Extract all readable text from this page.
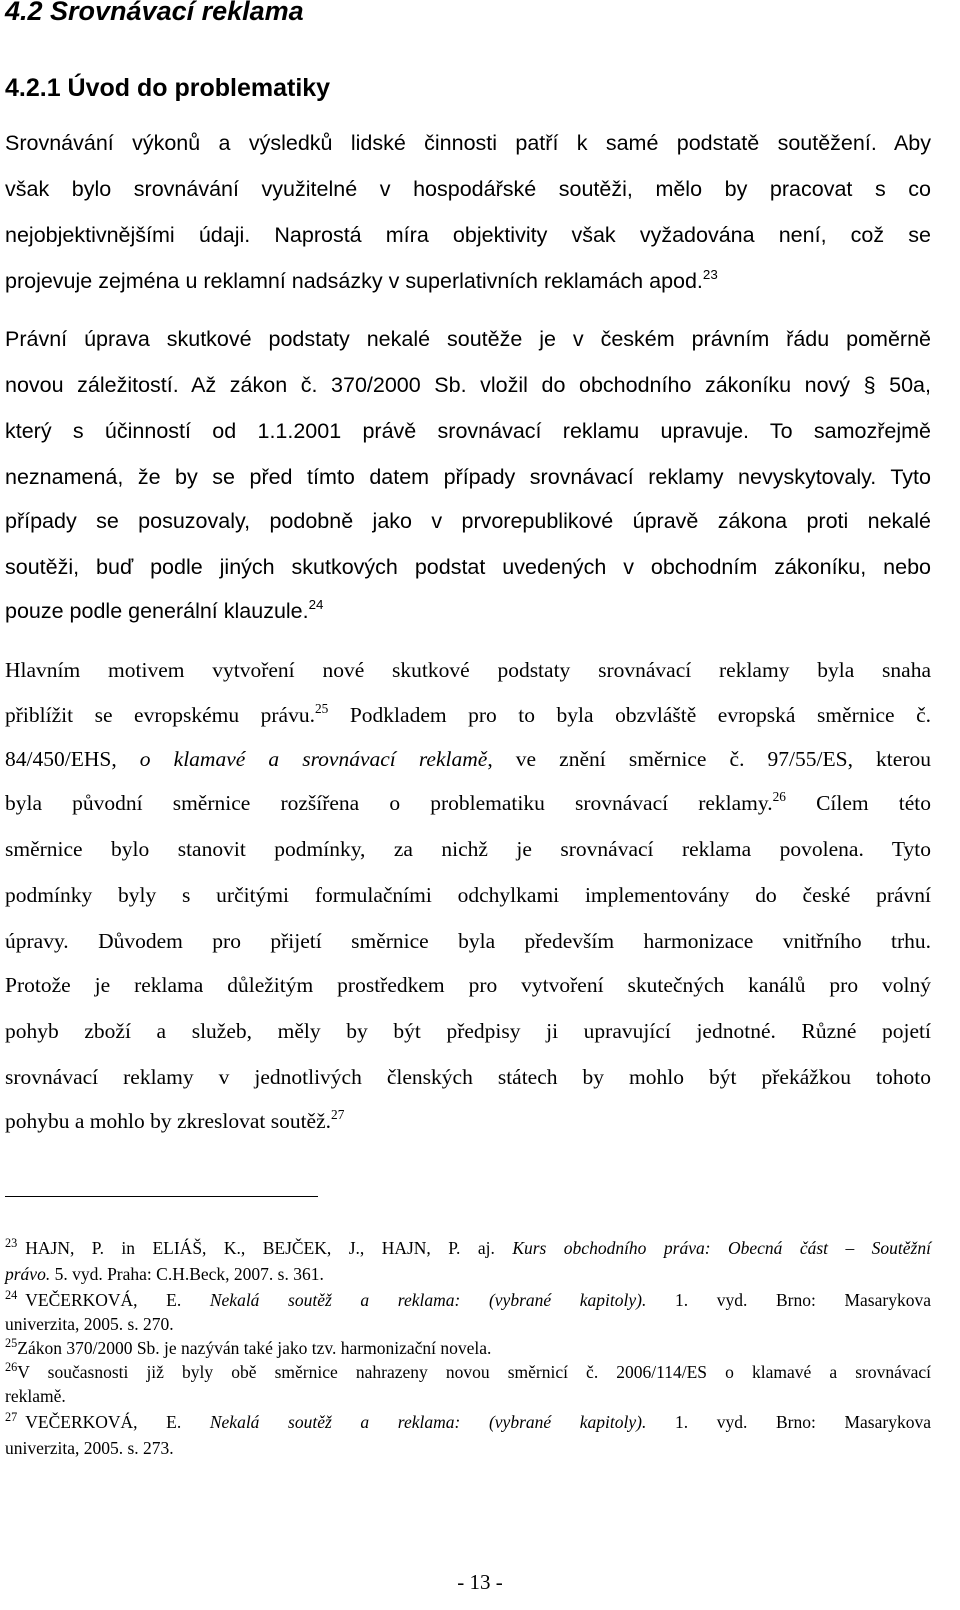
4.2 Srovnávací reklama
4.2.1 Úvod do problematiky
Srovnávání výkonů a výsledků lidské činnosti patří k samé podstatě soutěžení. Aby
však bylo srovnávání využitelné v hospodářské soutěži, mělo by pracovat s co
nejobjektivnějšími údaji. Naprostá míra objektivity však vyžadována není, což se
projevuje zejména u reklamní nadsázky v superlativních reklamách apod.$^{23}$
Právní úprava skutkové podstaty nekalé soutěže je v českém právním řádu poměrně
novou záležitostí. Až zákon č. 370/2000 Sb. vložil do obchodního zákoníku nový § 50a,
který s účinností od 1.1.2001 právě srovnávací reklamu upravuje. To samozřejmě
neznamená, že by se před tímto datem případy srovnávací reklamy nevyskytovaly. Tyto
případy se posuzovaly, podobně jako v prvorepublikové úpravě zákona proti nekalé
soutěži, buď podle jiných skutkových podstat uvedených v obchodním zákoníku, nebo
pouze podle generální klauzule.$^{24}$
Hlavním motivem vytvoření nové skutkové podstaty srovnávací reklamy byla snaha
přiblížit se evropskému právu.$^{25}$ Podkladem pro to byla obzvláště evropská směrnice č.
84/450/EHS, o klamavé a srovnávací reklamě, ve znění směrnice č. 97/55/ES, kterou
byla původní směrnice rozšířena o problematiku srovnávací reklamy.$^{26}$ Cílem této
směrnice bylo stanovit podmínky, za nichž je srovnávací reklama povolena. Tyto
podmínky byly s určitými formulačními odchylkami implementovány do české právní
úpravy. Důvodem pro přijetí směrnice byla především harmonizace vnitřního trhu.
Protože je reklama důležitým prostředkem pro vytvoření skutečných kanálů pro volný
pohyb zboží a služeb, měly by být předpisy ji upravující jednotné. Různé pojetí
srovnávací reklamy v jednotlivých členských státech by mohlo být překážkou tohoto
pohybu a mohlo by zkreslovat soutěž.$^{27}$
$^{23}$ HAJN, P. in ELIÁŠ, K., BEJČEK, J., HAJN, P. aj. Kurs obchodního práva: Obecná část – Soutěžní
právo. 5. vyd. Praha: C.H.Beck, 2007. s. 361.
$^{24}$ VEČERKOVÁ, E. Nekalá soutěž a reklama: (vybrané kapitoly). 1. vyd. Brno: Masarykova
univerzita, 2005. s. 270.
$^{25}$Zákon 370/2000 Sb. je nazýván také jako tzv. harmonizační novela.
$^{26}$V současnosti již byly obě směrnice nahrazeny novou směrnicí č. 2006/114/ES o klamavé a srovnávací
reklamě.
$^{27}$ VEČERKOVÁ, E. Nekalá soutěž a reklama: (vybrané kapitoly). 1. vyd. Brno: Masarykova
univerzita, 2005. s. 273.
- 13 -
